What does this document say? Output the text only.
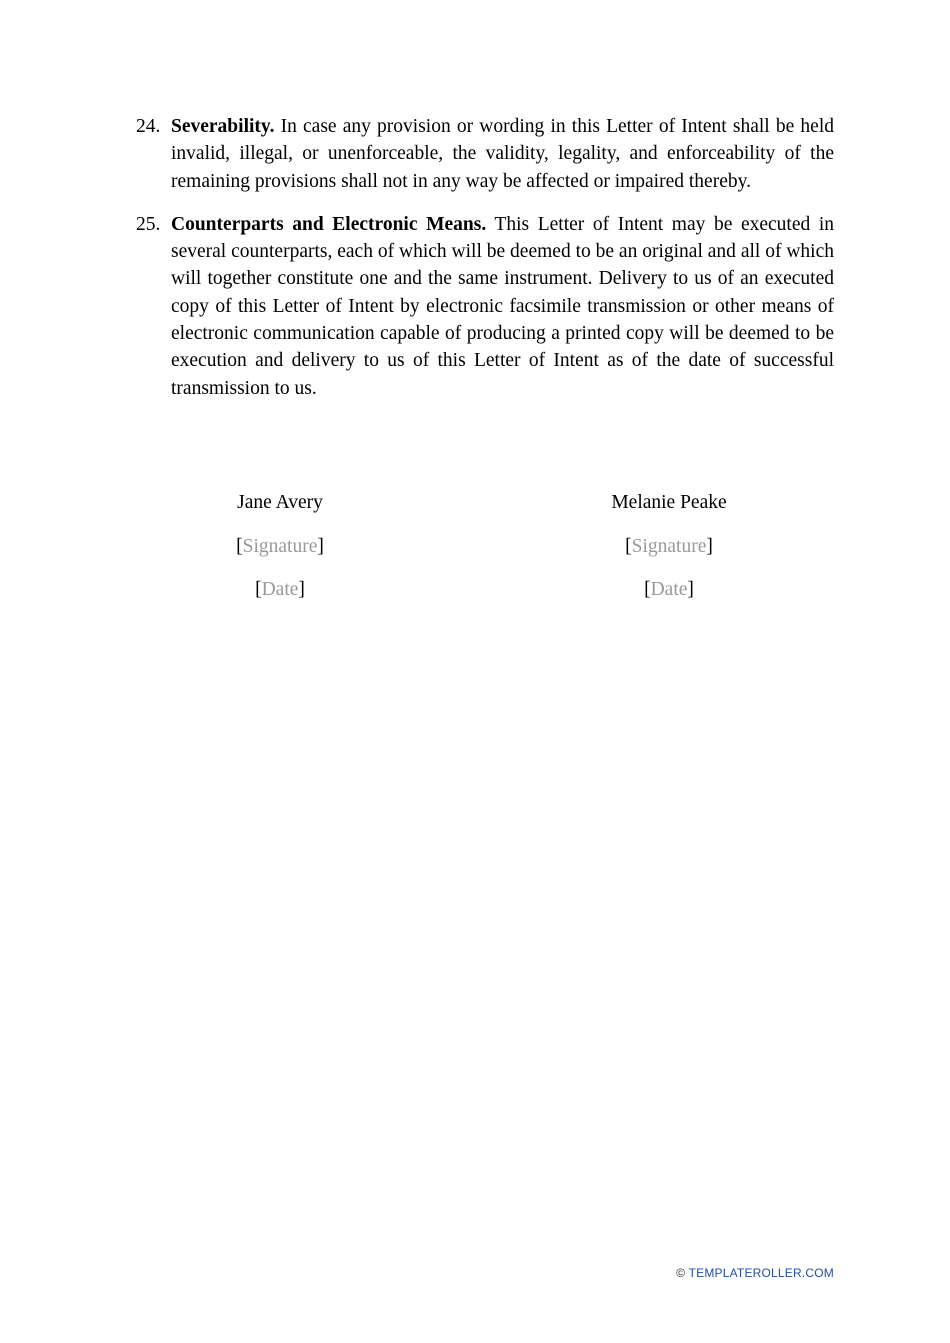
24. Severability. In case any provision or wording in this Letter of Intent shall be held invalid, illegal, or unenforceable, the validity, legality, and enforceability of the remaining provisions shall not in any way be affected or impaired thereby.
25. Counterparts and Electronic Means. This Letter of Intent may be executed in several counterparts, each of which will be deemed to be an original and all of which will together constitute one and the same instrument. Delivery to us of an executed copy of this Letter of Intent by electronic facsimile transmission or other means of electronic communication capable of producing a printed copy will be deemed to be execution and delivery to us of this Letter of Intent as of the date of successful transmission to us.
Jane Avery
[Signature]
[Date]
Melanie Peake
[Signature]
[Date]
© TEMPLATEROLLER.COM
